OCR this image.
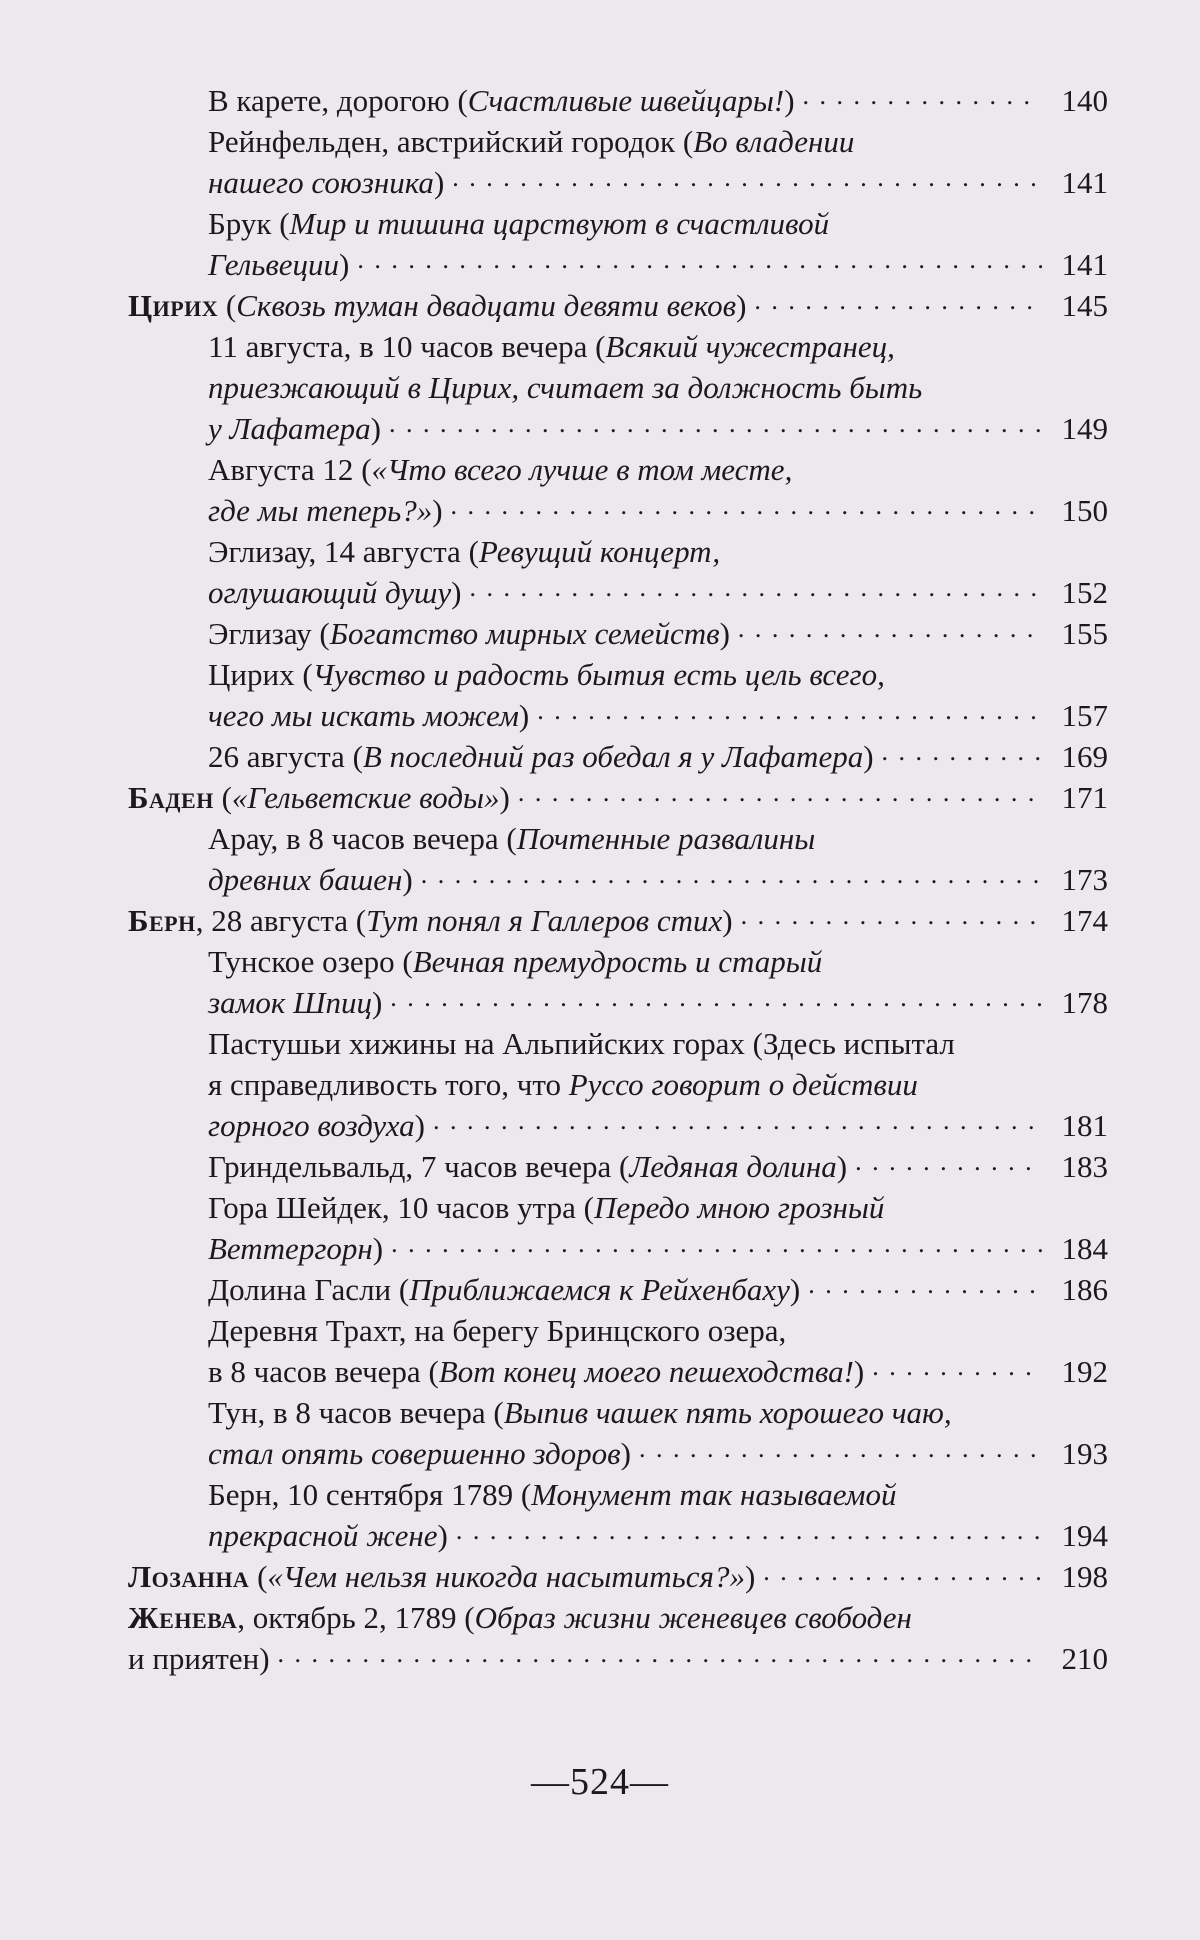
В карете, дорогою (Счастливые швейцары!) . . .	140
Рейнфельден, австрийский городок (Во владении
нашего союзника) . . .	141
Брук (Мир и тишина царствуют в счастливой
Гельвеции) . . .	141
Цирих (Сквозь туман двадцати девяти веков) . . .	145
11 августа, в 10 часов вечера (Всякий чужестранец,
приезжающий в Цирих, считает за должность быть
у Лафатера) . . .	149
Августа 12 («Что всего лучше в том месте,
где мы теперь?») . . .	150
Эглизау, 14 августа (Ревущий концерт,
оглушающий душу) . . .	152
Эглизау (Богатство мирных семейств) . . .	155
Цирих (Чувство и радость бытия есть цель всего,
чего мы искать можем) . . .	157
26 августа (В последний раз обедал я у Лафатера) . . .	169
Баден («Гельветские воды») . . .	171
Арау, в 8 часов вечера (Почтенные развалины
древних башен) . . .	173
Берн, 28 августа (Тут понял я Галлеров стих) . . .	174
Тунское озеро (Вечная премудрость и старый
замок Шпиц) . . .	178
Пастушьи хижины на Альпийских горах (Здесь испытал
я справедливость того, что Руссо говорит о действии
горного воздуха) . . .	181
Гриндельвальд, 7 часов вечера (Ледяная долина) . . .	183
Гора Шейдек, 10 часов утра (Передо мною грозный
Веттергорн) . . .	184
Долина Гасли (Приближаемся к Рейхенбаху) . . .	186
Деревня Трахт, на берегу Бринцского озера,
в 8 часов вечера (Вот конец моего пешеходства!) . . .	192
Тун, в 8 часов вечера (Выпив чашек пять хорошего чаю,
стал опять совершенно здоров) . . .	193
Берн, 10 сентября 1789 (Монумент так называемой
прекрасной жене) . . .	194
Лозанна («Чем нельзя никогда насытиться?») . . .	198
Женева, октябрь 2, 1789 (Образ жизни женевцев свободен
и приятен) . . .	210
—524—
